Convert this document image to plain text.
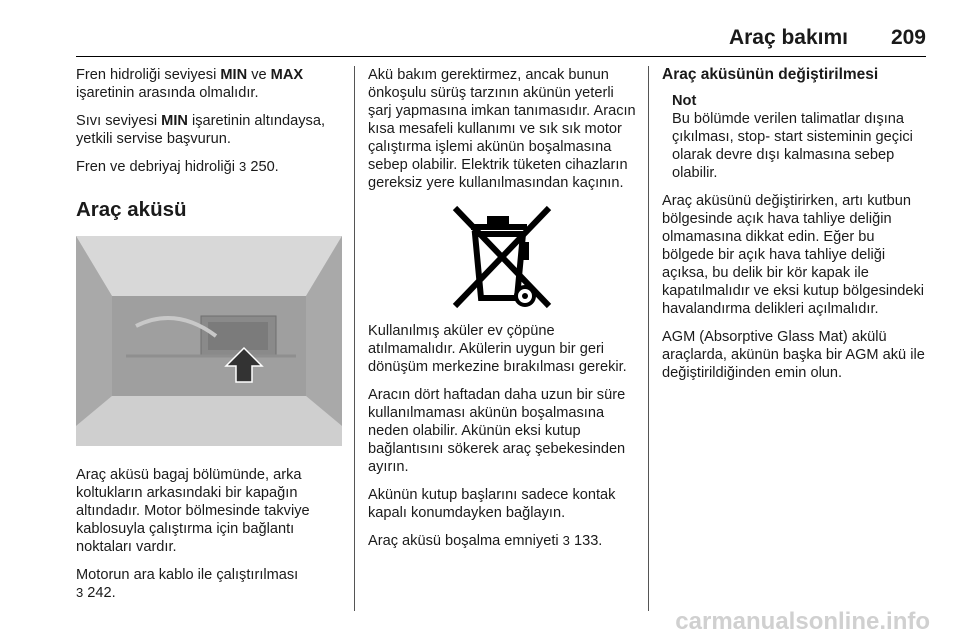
Araç bakımı 209

Fren hidroliği seviyesi MIN ve MAX işaretinin arasında olmalıdır.

Sıvı seviyesi MIN işaretinin altındaysa, yetkili servise başvurun.

Fren ve debriyaj hidroliği 3 250.

Araç aküsü

Araç aküsü bagaj bölümünde, arka koltukların arkasındaki bir kapağın altındadır. Motor bölmesinde takviye kablosuyla çalıştırma için bağlantı noktaları vardır.

Motorun ara kablo ile çalıştırılması
3 242.

Akü bakım gerektirmez, ancak bunun önkoşulu sürüş tarzının akünün yeterli şarj yapmasına imkan tanımasıdır. Aracın kısa mesafeli kullanımı ve sık sık motor çalıştırma işlemi akünün boşalmasına sebep olabilir. Elektrik tüketen cihazların gereksiz yere kullanılmasından kaçının.

Kullanılmış aküler ev çöpüne atılmamalıdır. Akülerin uygun bir geri dönüşüm merkezine bırakılması gerekir.

Aracın dört haftadan daha uzun bir süre kullanılmaması akünün boşalmasına neden olabilir. Akünün eksi kutup bağlantısını sökerek araç şebekesinden ayırın.

Akünün kutup başlarını sadece kontak kapalı konumdayken bağlayın.

Araç aküsü boşalma emniyeti 3 133.

Araç aküsünün değiştirilmesi
Not
Bu bölümde verilen talimatlar dışına çıkılması, stop- start sisteminin geçici olarak devre dışı kalmasına sebep olabilir.

Araç aküsünü değiştirirken, artı kutbun bölgesinde açık hava tahliye deliğin olmamasına dikkat edin. Eğer bu bölgede bir açık hava tahliye deliği açıksa, bu delik bir kör kapak ile kapatılmalıdır ve eksi kutup bölgesindeki havalandırma delikleri açılmalıdır.

AGM (Absorptive Glass Mat) akülü araçlarda, akünün başka bir AGM akü ile değiştirildiğinden emin olun.

carmanualsonline.info
